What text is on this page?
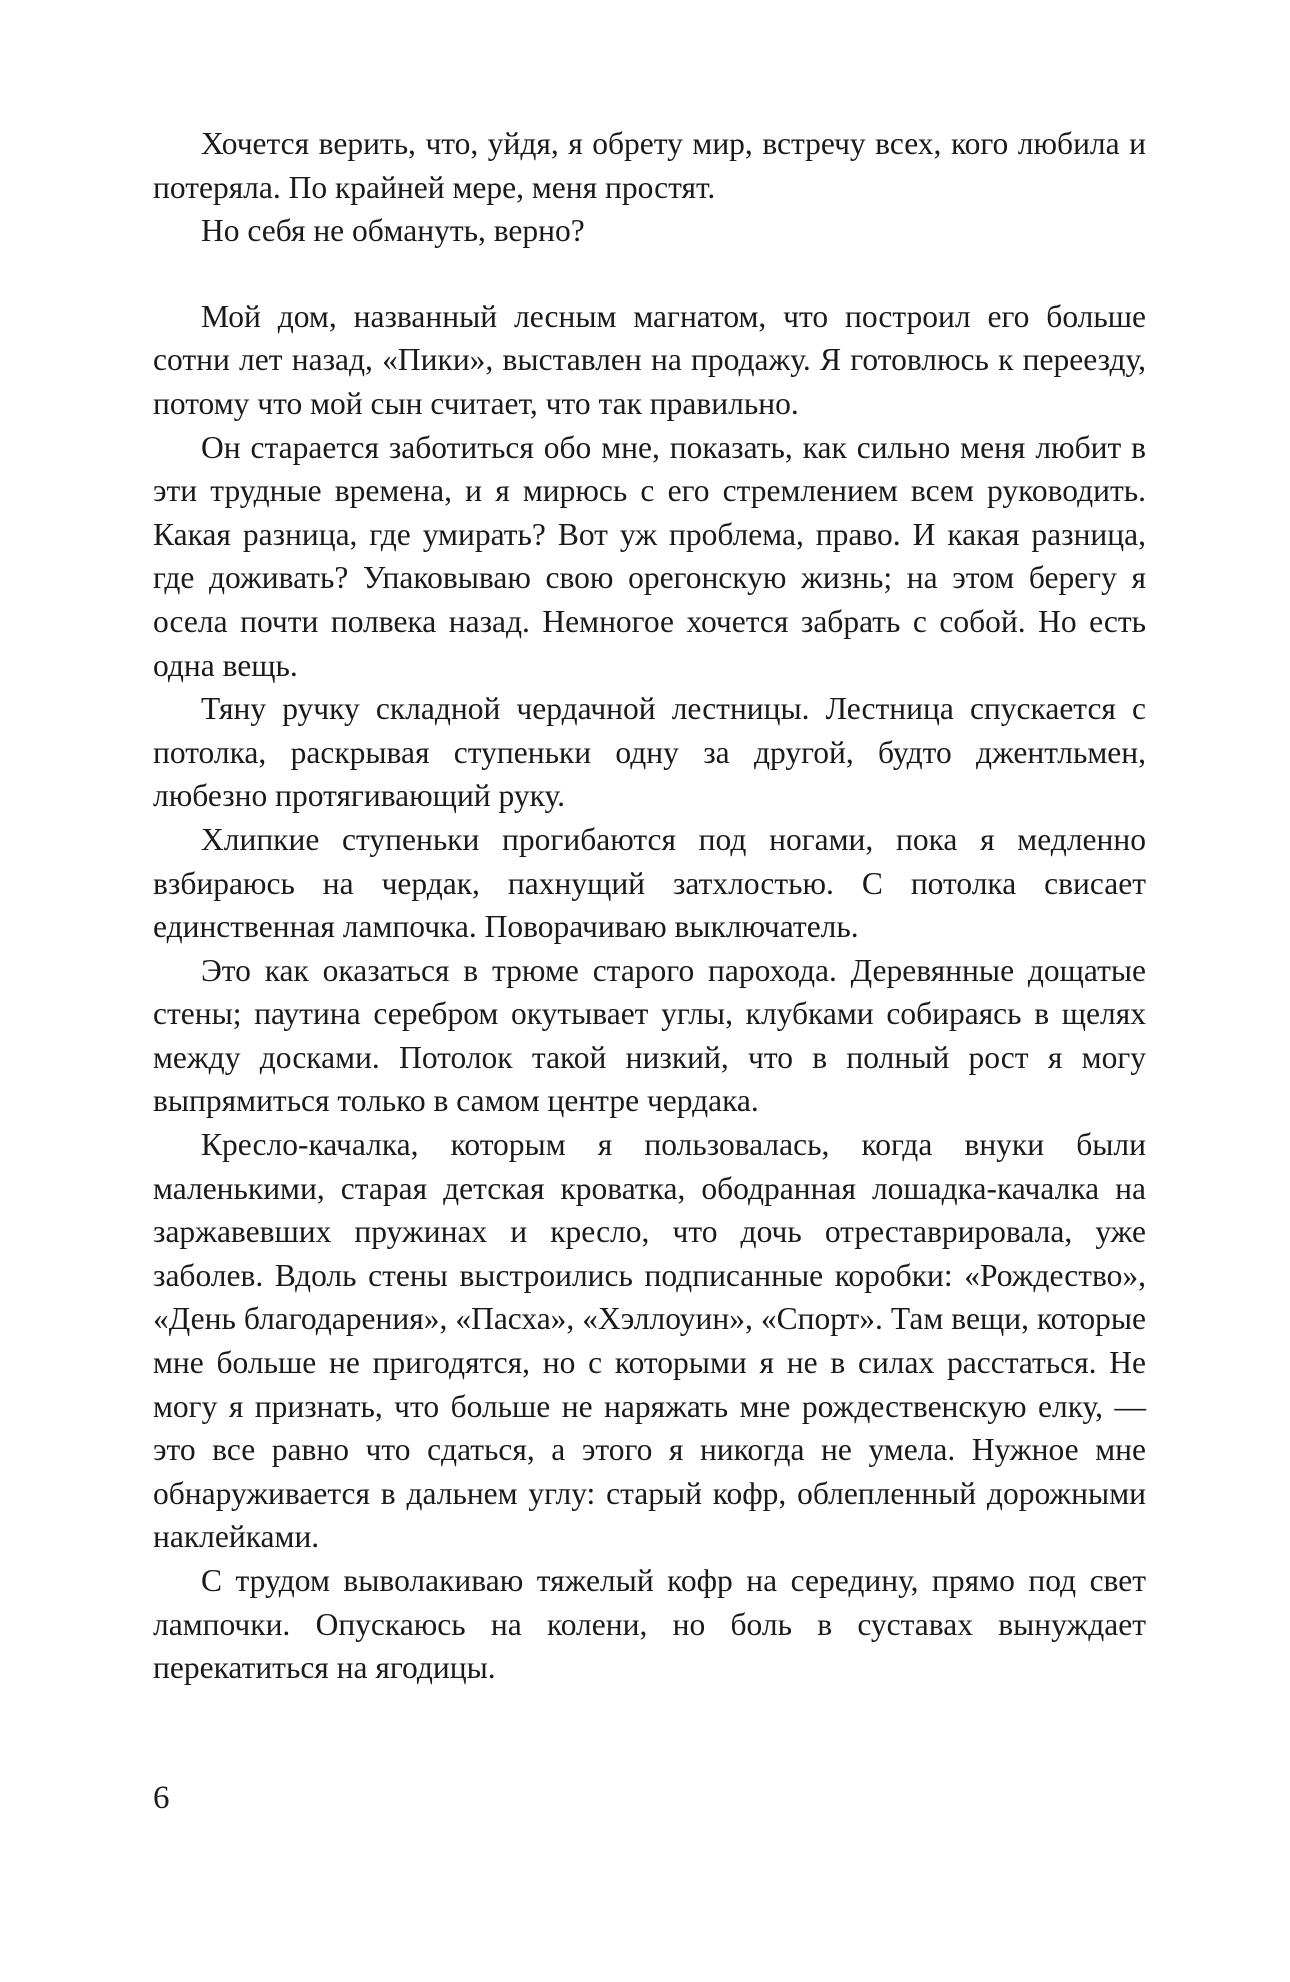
Хочется верить, что, уйдя, я обрету мир, встречу всех, кого любила и потеряла. По крайней мере, меня простят.

Но себя не обмануть, верно?

Мой дом, названный лесным магнатом, что построил его больше сотни лет назад, «Пики», выставлен на продажу. Я готовлюсь к переезду, потому что мой сын считает, что так правильно.

Он старается заботиться обо мне, показать, как сильно меня любит в эти трудные времена, и я мирюсь с его стремлением всем руководить. Какая разница, где умирать? Вот уж проблема, право. И какая разница, где доживать? Упаковываю свою орегонскую жизнь; на этом берегу я осела почти полвека назад. Немногое хочется забрать с собой. Но есть одна вещь.

Тяну ручку складной чердачной лестницы. Лестница спускается с потолка, раскрывая ступеньки одну за другой, будто джентльмен, любезно протягивающий руку.

Хлипкие ступеньки прогибаются под ногами, пока я медленно взбираюсь на чердак, пахнущий затхлостью. С потолка свисает единственная лампочка. Поворачиваю выключатель.

Это как оказаться в трюме старого парохода. Деревянные дощатые стены; паутина серебром окутывает углы, клубками собираясь в щелях между досками. Потолок такой низкий, что в полный рост я могу выпрямиться только в самом центре чердака.

Кресло-качалка, которым я пользовалась, когда внуки были маленькими, старая детская кроватка, ободранная лошадка-качалка на заржавевших пружинах и кресло, что дочь отреставрировала, уже заболев. Вдоль стены выстроились подписанные коробки: «Рождество», «День благодарения», «Пасха», «Хэллоуин», «Спорт». Там вещи, которые мне больше не пригодятся, но с которыми я не в силах расстаться. Не могу я признать, что больше не наряжать мне рождественскую елку, — это все равно что сдаться, а этого я никогда не умела. Нужное мне обнаруживается в дальнем углу: старый кофр, облепленный дорожными наклейками.

С трудом выволакиваю тяжелый кофр на середину, прямо под свет лампочки. Опускаюсь на колени, но боль в суставах вынуждает перекатиться на ягодицы.

6
